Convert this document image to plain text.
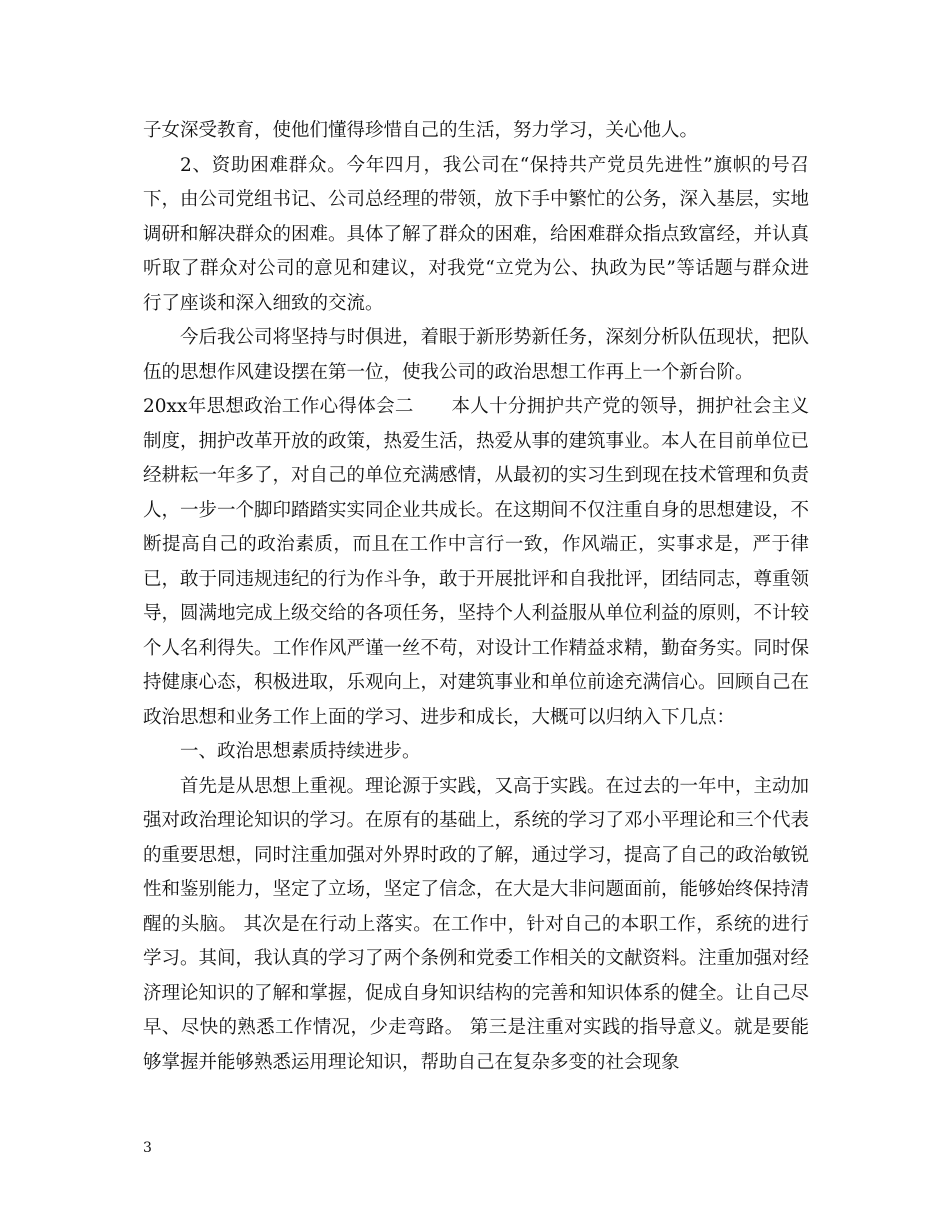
子女深受教育，使他们懂得珍惜自己的生活，努力学习，关心他人。

2、资助困难群众。今年四月，我公司在“保持共产党员先进性”旗帜的号召下，由公司党组书记、公司总经理的带领，放下手中繁忙的公务，深入基层，实地调研和解决群众的困难。具体了解了群众的困难，给困难群众指点致富经，并认真听取了群众对公司的意见和建议，对我党“立党为公、执政为民”等话题与群众进行了座谈和深入细致的交流。

今后我公司将坚持与时俱进，着眼于新形势新任务，深刻分析队伍现状，把队伍的思想作风建设摆在第一位，使我公司的政治思想工作再上一个新台阶。

20xx年思想政治工作心得体会二　　本人十分拥护共产党的领导，拥护社会主义制度，拥护改革开放的政策，热爱生活，热爱从事的建筑事业。本人在目前单位已经耕耘一年多了，对自己的单位充满感情，从最初的实习生到现在技术管理和负责人，一步一个脚印踏踏实实同企业共成长。在这期间不仅注重自身的思想建设，不断提高自己的政治素质，而且在工作中言行一致，作风端正，实事求是，严于律已，敢于同违规违纪的行为作斗争，敢于开展批评和自我批评，团结同志，尊重领导，圆满地完成上级交给的各项任务，坚持个人利益服从单位利益的原则，不计较个人名利得失。工作作风严谨一丝不苟，对设计工作精益求精，勤奋务实。同时保持健康心态，积极进取，乐观向上，对建筑事业和单位前途充满信心。回顾自己在政治思想和业务工作上面的学习、进步和成长，大概可以归纳入下几点：

一、政治思想素质持续进步。

首先是从思想上重视。理论源于实践，又高于实践。在过去的一年中，主动加强对政治理论知识的学习。在原有的基础上，系统的学习了邓小平理论和三个代表的重要思想，同时注重加强对外界时政的了解，通过学习，提高了自己的政治敏锐性和鉴别能力，坚定了立场，坚定了信念，在大是大非问题面前，能够始终保持清醒的头脑。 其次是在行动上落实。在工作中，针对自己的本职工作，系统的进行学习。其间，我认真的学习了两个条例和党委工作相关的文献资料。注重加强对经济理论知识的了解和掌握，促成自身知识结构的完善和知识体系的健全。让自己尽早、尽快的熟悉工作情况，少走弯路。 第三是注重对实践的指导意义。就是要能够掌握并能够熟悉运用理论知识，帮助自己在复杂多变的社会现象

3
